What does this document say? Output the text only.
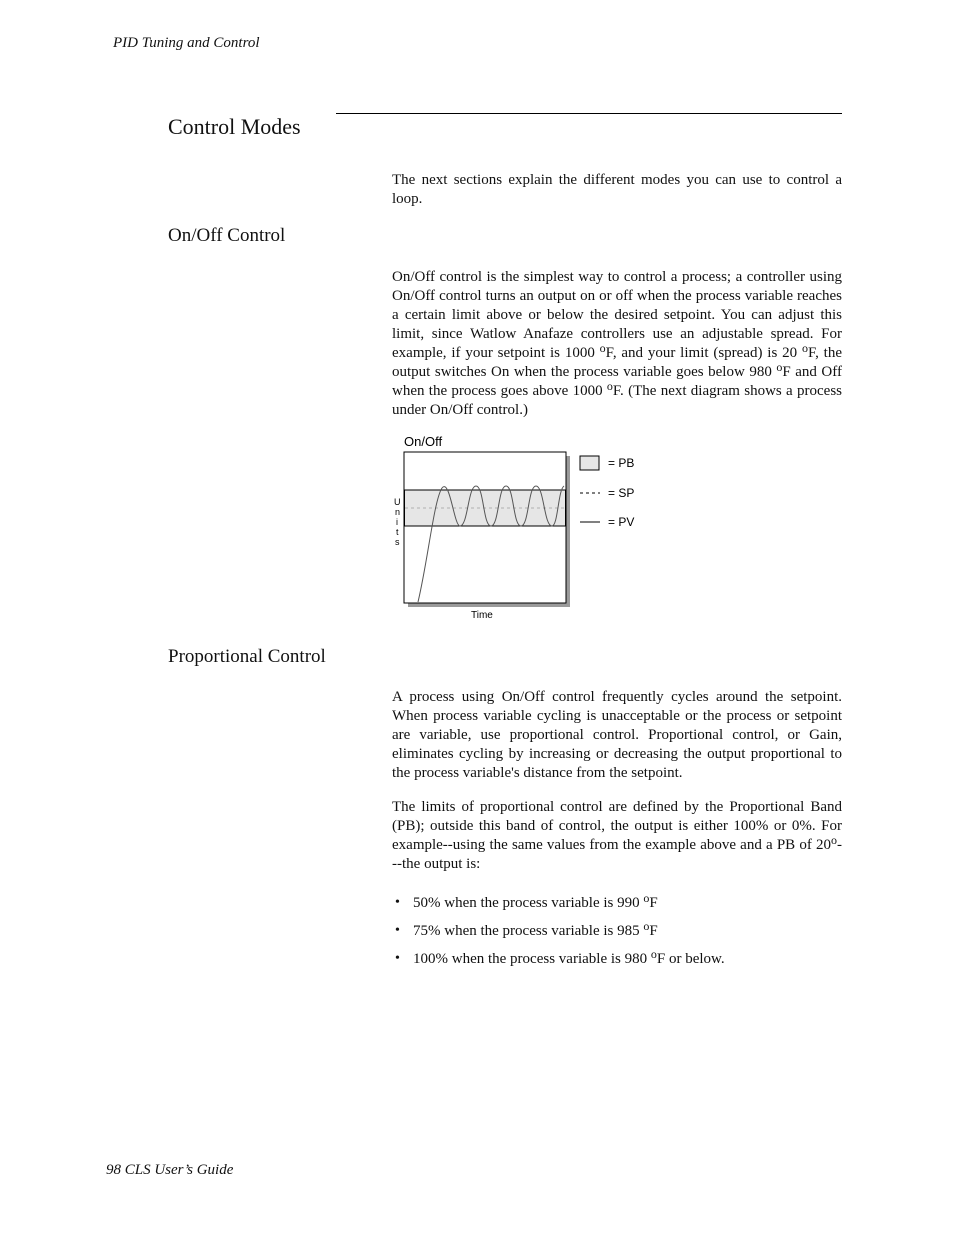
PID Tuning and Control
Control Modes

The next sections explain the different modes you can use to control a loop.

On/Off Control

On/Off control is the simplest way to control a process; a controller using On/Off control turns an output on or off when the process variable reaches a certain limit above or below the desired setpoint. You can adjust this limit, since Watlow Anafaze controllers use an adjustable spread. For example, if your setpoint is 1000 $^o$F, and your limit (spread) is 20 $^o$F, the output switches On when the process variable goes below 980 $^o$F and Off when the process goes above 1000 $^o$F. (The next diagram shows a process under On/Off control.)

On/Off
U
n
i
t
s
Time
= PB
= SP
= PV
Proportional Control

A process using On/Off control frequently cycles around the setpoint. When process variable cycling is unacceptable or the process or setpoint are variable, use proportional control. Proportional control, or Gain, eliminates cycling by increasing or decreasing the output proportional to the process variable's distance from the setpoint.

The limits of proportional control are defined by the Proportional Band (PB); outside this band of control, the output is either 100% or 0%. For example--using the same values from the example above and a PB of 20$^o$---the output is:

• 50% when the process variable is 990 $^o$F
• 75% when the process variable is 985 $^o$F
• 100% when the process variable is 980 $^o$F or below.
98 CLS User’s Guide
